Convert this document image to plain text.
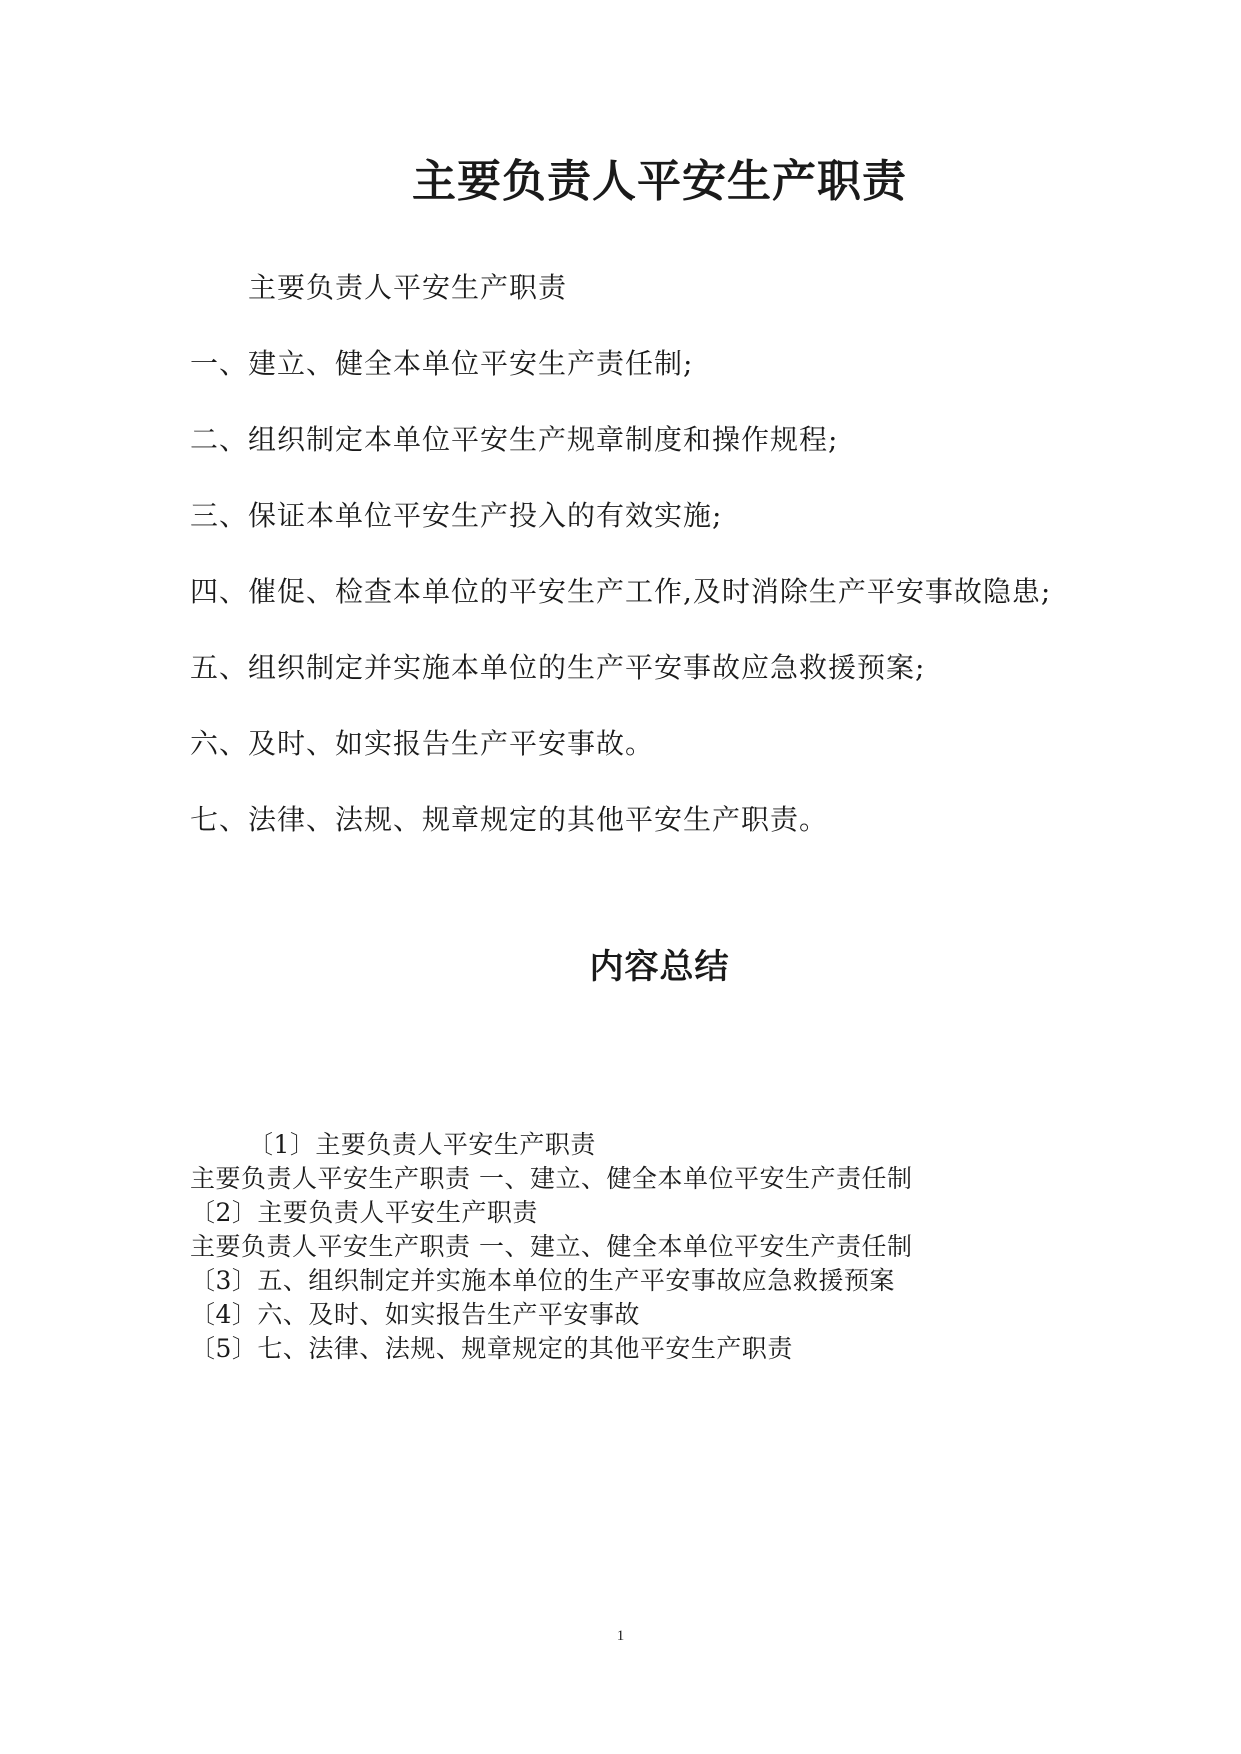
主要负责人平安生产职责
主要负责人平安生产职责
一、建立、健全本单位平安生产责任制;
二、组织制定本单位平安生产规章制度和操作规程;
三、保证本单位平安生产投入的有效实施;
四、催促、检查本单位的平安生产工作,及时消除生产平安事故隐患;
五、组织制定并实施本单位的生产平安事故应急救援预案;
六、及时、如实报告生产平安事故。
七、法律、法规、规章规定的其他平安生产职责。
内容总结
〔1〕主要负责人平安生产职责
主要负责人平安生产职责 一、建立、健全本单位平安生产责任制
〔2〕主要负责人平安生产职责
主要负责人平安生产职责 一、建立、健全本单位平安生产责任制
〔3〕五、组织制定并实施本单位的生产平安事故应急救援预案
〔4〕六、及时、如实报告生产平安事故
〔5〕七、法律、法规、规章规定的其他平安生产职责
1
